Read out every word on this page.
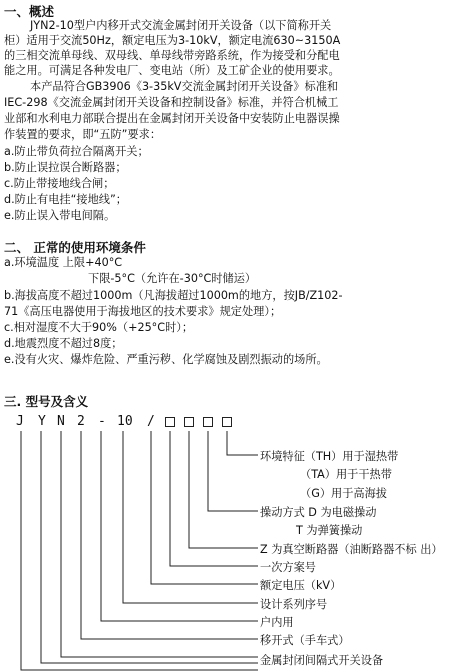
一、概述
JYN2-10型户内移开式交流金属封闭开关设备（以下简称开关
柜）适用于交流50Hz，额定电压为3-10kV，额定电流630~3150A
的三相交流单母线、双母线、单母线带旁路系统，作为接受和分配电
能之用。可满足各种发电厂、变电站（所）及工矿企业的使用要求。
本产品符合GB3906《3-35kV交流金属封闭开关设备》标准和
IEC-298《交流金属封闭开关设备和控制设备》标准，并符合机械工
业部和水利电力部联合提出在金属封闭开关设备中安装防止电器误操
作装置的要求，即“五防”要求：
a.防止带负荷拉合隔离开关；
b.防止误拉误合断路器；
c.防止带接地线合闸；
d.防止有电挂“接地线”；
e.防止误入带电间隔。
二、 正常的使用环境条件
a.环境温度 上限+40°C
下限-5°C（允许在-30°C时储运）
b.海拔高度不超过1000m（凡海拔超过1000m的地方，按JB/Z102-
71《高压电器使用于海拔地区的技术要求》规定处理）；
c.相对湿度不大于90%（+25°C时）；
d.地震烈度不超过8度；
e.没有火灾、爆炸危险、严重污秽、化学腐蚀及剧烈振动的场所。
三. 型号及含义
J Y N 2 - 10 /
环境特征（TH）用于湿热带
（TA）用于干热带
（G）用于高海拔
操动方式 D 为电磁操动
T 为弹簧操动
Z 为真空断路器（油断路器不标 出）
一次方案号
额定电压（kV）
设计系列序号
户内用
移开式（手车式）
金属封闭间隔式开关设备
